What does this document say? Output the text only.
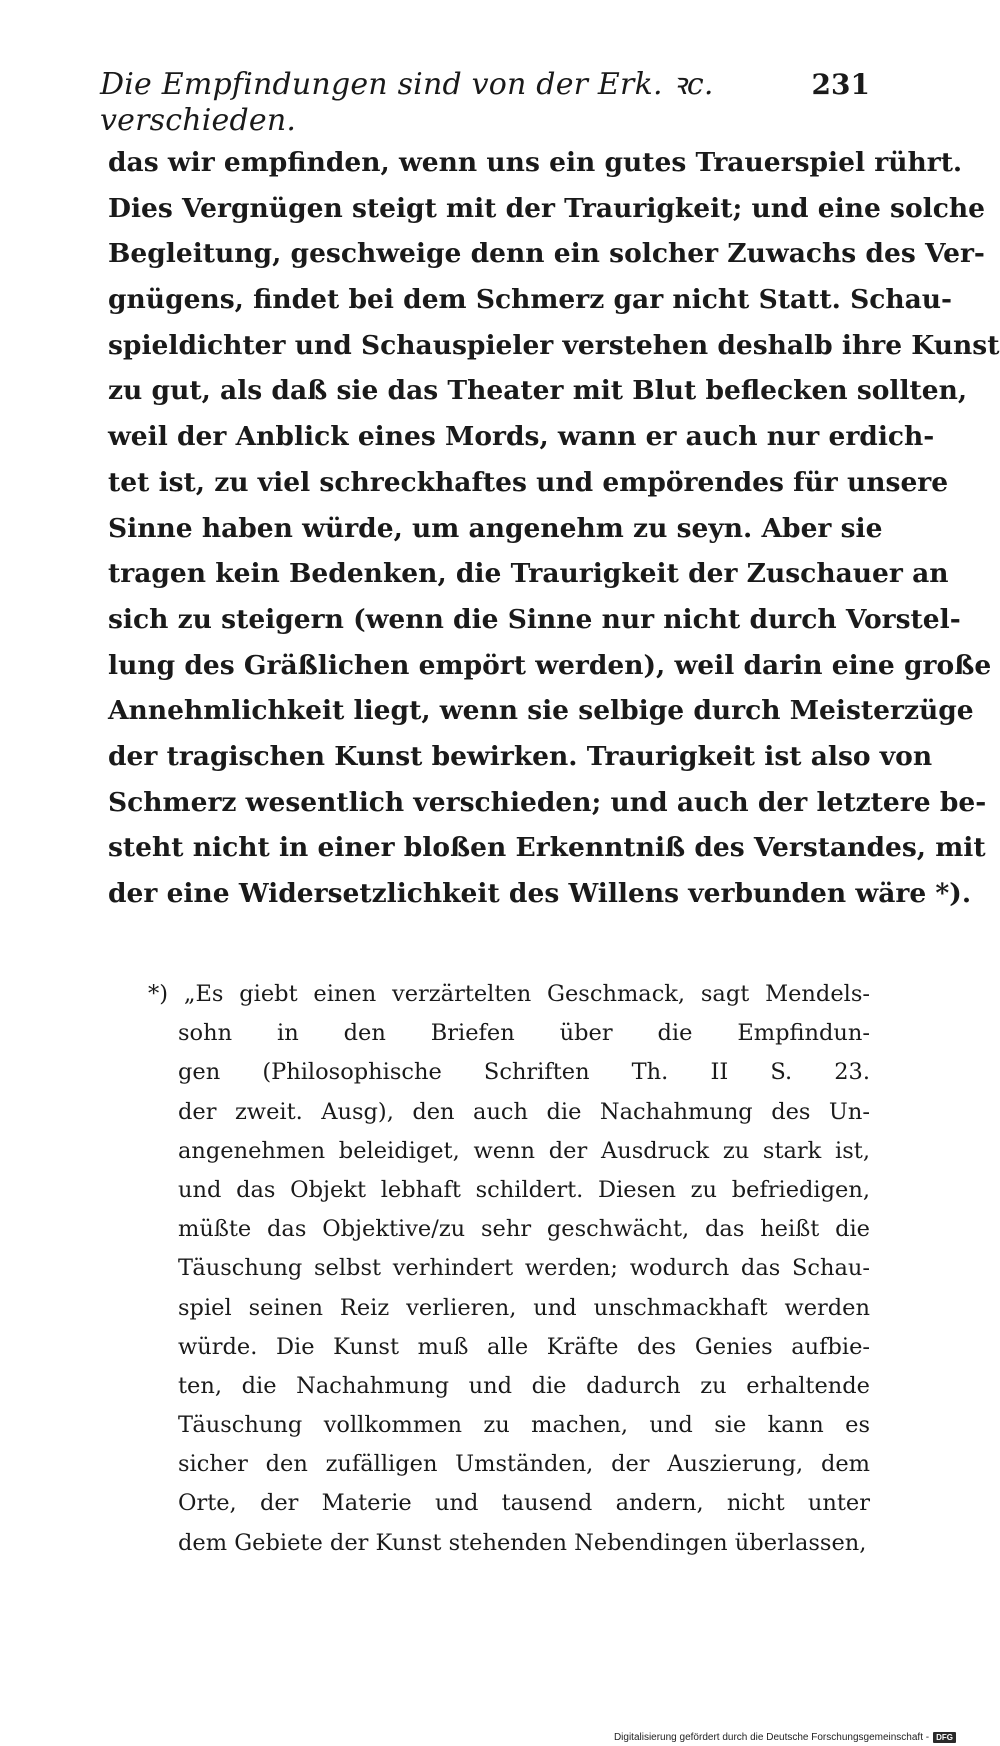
Die Empfindungen sind von der Erk. ꝛc. verschieden.
231
das wir empfinden, wenn uns ein gutes Trauerspiel rührt.
Dies Vergnügen steigt mit der Traurigkeit; und eine solche
Begleitung, geschweige denn ein solcher Zuwachs des Ver-
gnügens, findet bei dem Schmerz gar nicht Statt. Schau-
spieldichter und Schauspieler verstehen deshalb ihre Kunst
zu gut, als daß sie das Theater mit Blut beflecken sollten,
weil der Anblick eines Mords, wann er auch nur erdich-
tet ist, zu viel schreckhaftes und empörendes für unsere
Sinne haben würde, um angenehm zu seyn. Aber sie
tragen kein Bedenken, die Traurigkeit der Zuschauer an
sich zu steigern (wenn die Sinne nur nicht durch Vorstel-
lung des Gräßlichen empört werden), weil darin eine große
Annehmlichkeit liegt, wenn sie selbige durch Meisterzüge
der tragischen Kunst bewirken. Traurigkeit ist also von
Schmerz wesentlich verschieden; und auch der letztere be-
steht nicht in einer bloßen Erkenntniß des Verstandes, mit
der eine Widersetzlichkeit des Willens verbunden wäre *).
*) „Es giebt einen verzärtelten Geschmack, sagt Mendels-
sohn in den Briefen über die Empfindun-
gen (Philosophische Schriften Th. II S. 23.
der zweit. Ausg), den auch die Nachahmung des Un-
angenehmen beleidiget, wenn der Ausdruck zu stark ist,
und das Objekt lebhaft schildert. Diesen zu befriedigen,
müßte das Objektive/zu sehr geschwächt, das heißt die
Täuschung selbst verhindert werden; wodurch das Schau-
spiel seinen Reiz verlieren, und unschmackhaft werden
würde. Die Kunst muß alle Kräfte des Genies aufbie-
ten, die Nachahmung und die dadurch zu erhaltende
Täuschung vollkommen zu machen, und sie kann es
sicher den zufälligen Umständen, der Auszierung, dem
Orte, der Materie und tausend andern, nicht unter
dem Gebiete der Kunst stehenden Nebendingen überlassen,
Digitalisierung gefördert durch die Deutsche Forschungsgemeinschaft - DFG
